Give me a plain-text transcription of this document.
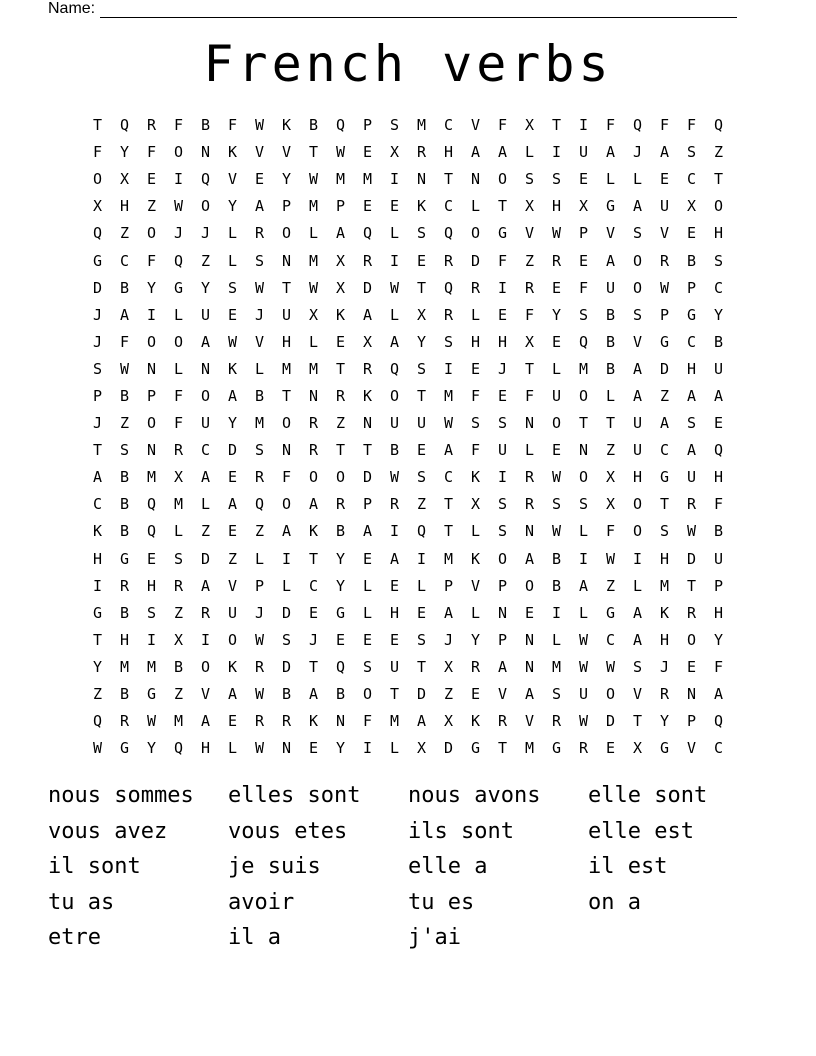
Name:
French verbs
T	Q	R	F	B	F	W	K	B	Q	P	S	M	C	V	F	X	T	I	F	Q	F	F	Q
F	Y	F	O	N	K	V	V	T	W	E	X	R	H	A	A	L	I	U	A	J	A	S	Z
O	X	E	I	Q	V	E	Y	W	M	M	I	N	T	N	O	S	S	E	L	L	E	C	T
X	H	Z	W	O	Y	A	P	M	P	E	E	K	C	L	T	X	H	X	G	A	U	X	O
Q	Z	O	J	J	L	R	O	L	A	Q	L	S	Q	O	G	V	W	P	V	S	V	E	H
G	C	F	Q	Z	L	S	N	M	X	R	I	E	R	D	F	Z	R	E	A	O	R	B	S
D	B	Y	G	Y	S	W	T	W	X	D	W	T	Q	R	I	R	E	F	U	O	W	P	C
J	A	I	L	U	E	J	U	X	K	A	L	X	R	L	E	F	Y	S	B	S	P	G	Y
J	F	O	O	A	W	V	H	L	E	X	A	Y	S	H	H	X	E	Q	B	V	G	C	B
S	W	N	L	N	K	L	M	M	T	R	Q	S	I	E	J	T	L	M	B	A	D	H	U
P	B	P	F	O	A	B	T	N	R	K	O	T	M	F	E	F	U	O	L	A	Z	A	A
J	Z	O	F	U	Y	M	O	R	Z	N	U	U	W	S	S	N	O	T	T	U	A	S	E
T	S	N	R	C	D	S	N	R	T	T	B	E	A	F	U	L	E	N	Z	U	C	A	Q
A	B	M	X	A	E	R	F	O	O	D	W	S	C	K	I	R	W	O	X	H	G	U	H
C	B	Q	M	L	A	Q	O	A	R	P	R	Z	T	X	S	R	S	S	X	O	T	R	F
K	B	Q	L	Z	E	Z	A	K	B	A	I	Q	T	L	S	N	W	L	F	O	S	W	B
H	G	E	S	D	Z	L	I	T	Y	E	A	I	M	K	O	A	B	I	W	I	H	D	U
I	R	H	R	A	V	P	L	C	Y	L	E	L	P	V	P	O	B	A	Z	L	M	T	P
G	B	S	Z	R	U	J	D	E	G	L	H	E	A	L	N	E	I	L	G	A	K	R	H
T	H	I	X	I	O	W	S	J	E	E	E	S	J	Y	P	N	L	W	C	A	H	O	Y
Y	M	M	B	O	K	R	D	T	Q	S	U	T	X	R	A	N	M	W	W	S	J	E	F
Z	B	G	Z	V	A	W	B	A	B	O	T	D	Z	E	V	A	S	U	O	V	R	N	A
Q	R	W	M	A	E	R	R	K	N	F	M	A	X	K	R	V	R	W	D	T	Y	P	Q
W	G	Y	Q	H	L	W	N	E	Y	I	L	X	D	G	T	M	G	R	E	X	G	V	C
nous sommes	elles sont	nous avons	elle sont
vous avez	vous etes	ils sont	elle est
il sont	je suis	elle a	il est
tu as	avoir	tu es	on a
etre	il a	j'ai
